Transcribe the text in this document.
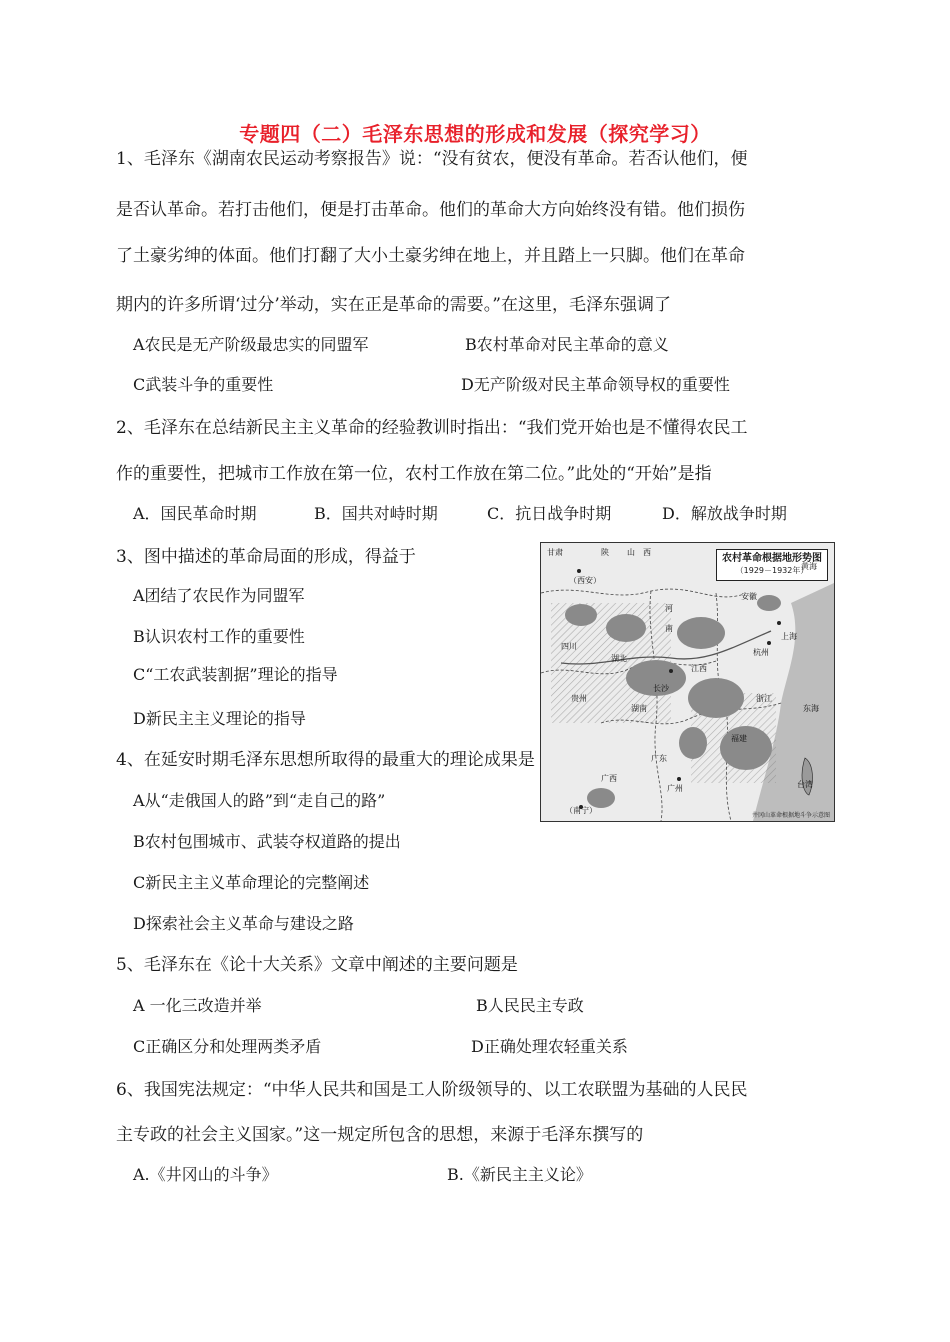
专题四（二）毛泽东思想的形成和发展（探究学习）
1、毛泽东《湖南农民运动考察报告》说：“没有贫农，便没有革命。若否认他们，便
是否认革命。若打击他们，便是打击革命。他们的革命大方向始终没有错。他们损伤
了土豪劣绅的体面。他们打翻了大小土豪劣绅在地上，并且踏上一只脚。他们在革命
期内的许多所谓‘过分’举动，实在正是革命的需要。”在这里，毛泽东强调了
A农民是无产阶级最忠实的同盟军	B农村革命对民主革命的意义
C武装斗争的重要性	D无产阶级对民主革命领导权的重要性
2、毛泽东在总结新民主主义革命的经验教训时指出：“我们党开始也是不懂得农民工
作的重要性，把城市工作放在第一位，农村工作放在第二位。”此处的“开始”是指
A．国民革命时期	B．国共对峙时期	C．抗日战争时期	D．解放战争时期
3、图中描述的革命局面的形成，得益于
A团结了农民作为同盟军
B认识农村工作的重要性
C“工农武装割据”理论的指导
D新民主主义理论的指导
农村革命根据地形势图
（1929－1932年）
甘肃	陕 山 西
（西安）
河
南
四川
湖北
安徽
上海
杭州
长沙
贵州
湖南
江西
浙江
福建
黄海
东海
广西
广东
广州
（南宁）
台湾
井冈山革命根据地斗争示意图
4、在延安时期毛泽东思想所取得的最重大的理论成果是
A从“走俄国人的路”到“走自己的路”
B农村包围城市、武装夺权道路的提出
C新民主主义革命理论的完整阐述
D探索社会主义革命与建设之路
5、毛泽东在《论十大关系》文章中阐述的主要问题是
A 一化三改造并举	B人民民主专政
C正确区分和处理两类矛盾	D正确处理农轻重关系
6、我国宪法规定：“中华人民共和国是工人阶级领导的、以工农联盟为基础的人民民
主专政的社会主义国家。”这一规定所包含的思想，来源于毛泽东撰写的
A.《井冈山的斗争》	B.《新民主主义论》
